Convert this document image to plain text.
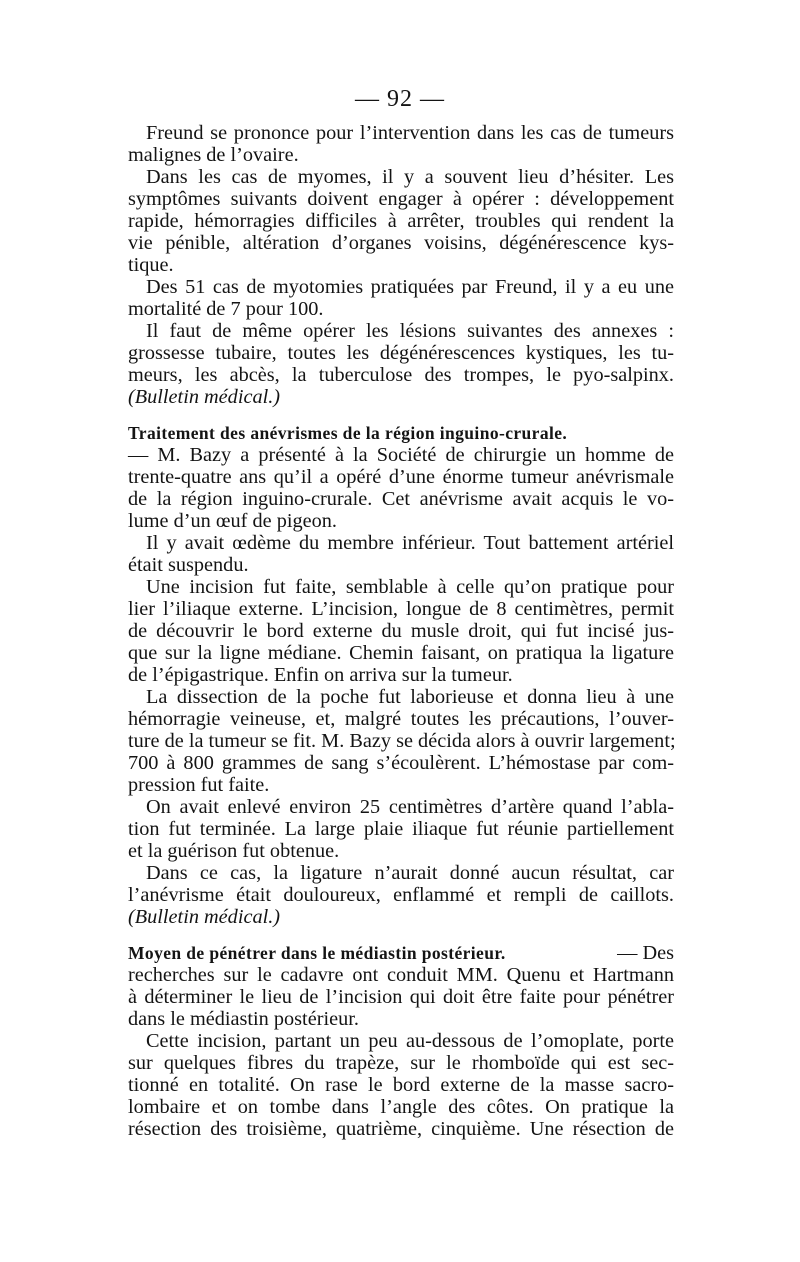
— 92 —
Freund se prononce pour l’intervention dans les cas de tumeurs
malignes de l’ovaire.
Dans les cas de myomes, il y a souvent lieu d’hésiter. Les
symptômes suivants doivent engager à opérer : développement
rapide, hémorragies difficiles à arrêter, troubles qui rendent la
vie pénible, altération d’organes voisins, dégénérescence kys-
tique.
Des 51 cas de myotomies pratiquées par Freund, il y a eu une
mortalité de 7 pour 100.
Il faut de même opérer les lésions suivantes des annexes :
grossesse tubaire, toutes les dégénérescences kystiques, les tu-
meurs, les abcès, la tuberculose des trompes, le pyo-salpinx.
(Bulletin médical.)
Traitement des anévrismes de la région inguino-crurale.
— M. Bazy a présenté à la Société de chirurgie un homme de
trente-quatre ans qu’il a opéré d’une énorme tumeur anévrismale
de la région inguino-crurale. Cet anévrisme avait acquis le vo-
lume d’un œuf de pigeon.
Il y avait œdème du membre inférieur. Tout battement artériel
était suspendu.
Une incision fut faite, semblable à celle qu’on pratique pour
lier l’iliaque externe. L’incision, longue de 8 centimètres, permit
de découvrir le bord externe du musle droit, qui fut incisé jus-
que sur la ligne médiane. Chemin faisant, on pratiqua la ligature
de l’épigastrique. Enfin on arriva sur la tumeur.
La dissection de la poche fut laborieuse et donna lieu à une
hémorragie veineuse, et, malgré toutes les précautions, l’ouver-
ture de la tumeur se fit. M. Bazy se décida alors à ouvrir largement;
700 à 800 grammes de sang s’écoulèrent. L’hémostase par com-
pression fut faite.
On avait enlevé environ 25 centimètres d’artère quand l’abla-
tion fut terminée. La large plaie iliaque fut réunie partiellement
et la guérison fut obtenue.
Dans ce cas, la ligature n’aurait donné aucun résultat, car
l’anévrisme était douloureux, enflammé et rempli de caillots.
(Bulletin médical.)
Moyen de pénétrer dans le médiastin postérieur.	— Des
recherches sur le cadavre ont conduit MM. Quenu et Hartmann
à déterminer le lieu de l’incision qui doit être faite pour pénétrer
dans le médiastin postérieur.
Cette incision, partant un peu au-dessous de l’omoplate, porte
sur quelques fibres du trapèze, sur le rhomboïde qui est sec-
tionné en totalité. On rase le bord externe de la masse sacro-
lombaire et on tombe dans l’angle des côtes. On pratique la
résection des troisième, quatrième, cinquième. Une résection de
